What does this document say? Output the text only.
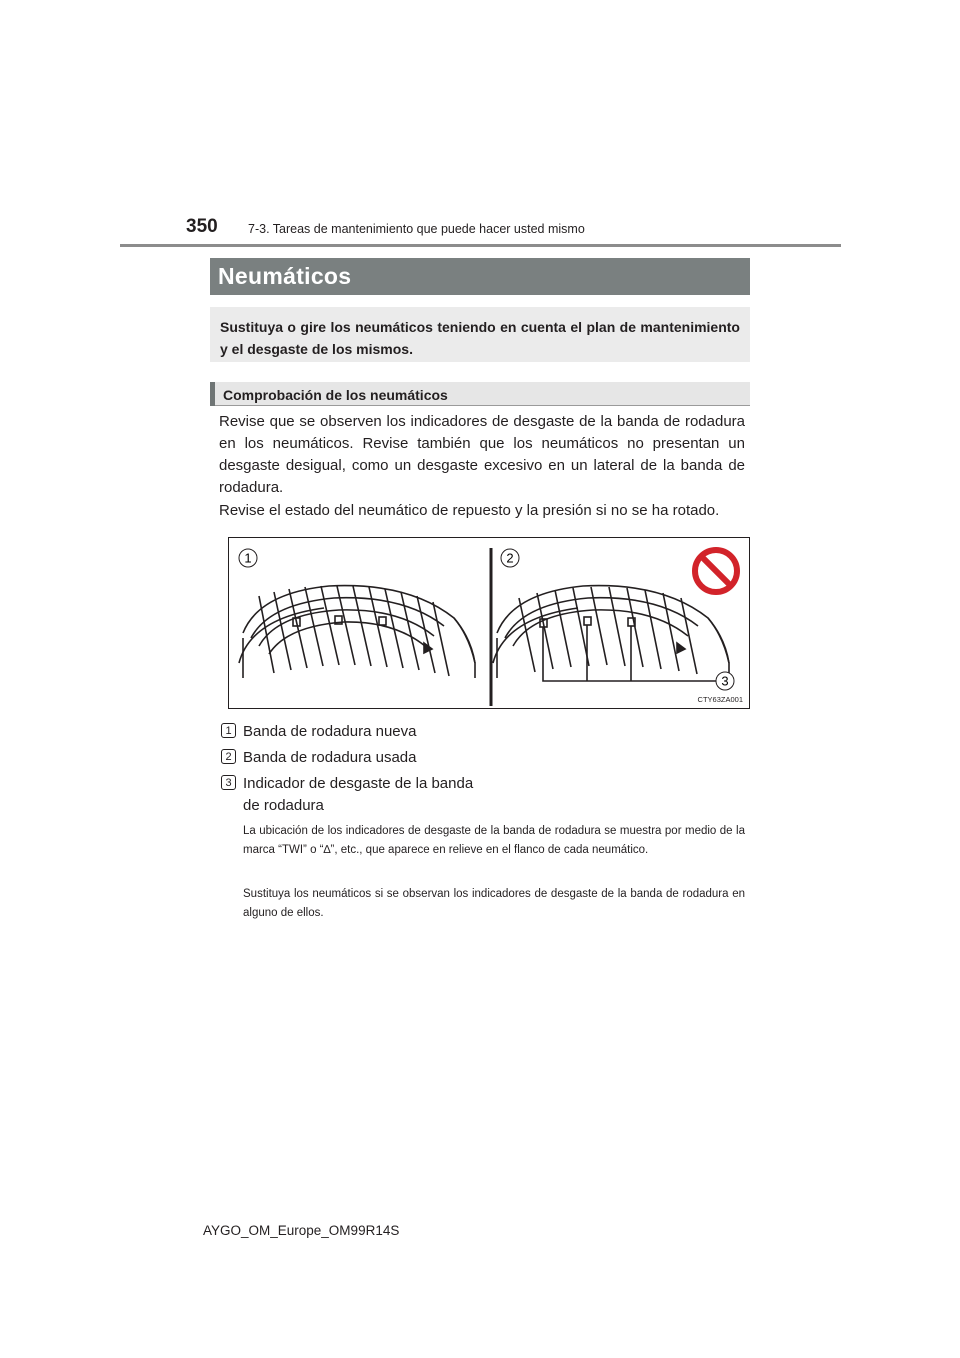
350 7-3. Tareas de mantenimiento que puede hacer usted mismo
Neumáticos
Sustituya o gire los neumáticos teniendo en cuenta el plan de mantenimiento y el desgaste de los mismos.
Comprobación de los neumáticos
Revise que se observen los indicadores de desgaste de la banda de rodadura en los neumáticos. Revise también que los neumáticos no presentan un desgaste desigual, como un desgaste excesivo en un lateral de la banda de rodadura.
Revise el estado del neumático de repuesto y la presión si no se ha rotado.
1	2
3
CTY63ZA001
1 Banda de rodadura nueva
2 Banda de rodadura usada
3 Indicador de desgaste de la banda de rodadura
La ubicación de los indicadores de desgaste de la banda de rodadura se muestra por medio de la marca “TWI” o “∆”, etc., que aparece en relieve en el flanco de cada neumático.
Sustituya los neumáticos si se observan los indicadores de desgaste de la banda de rodadura en alguno de ellos.
AYGO_OM_Europe_OM99R14S
